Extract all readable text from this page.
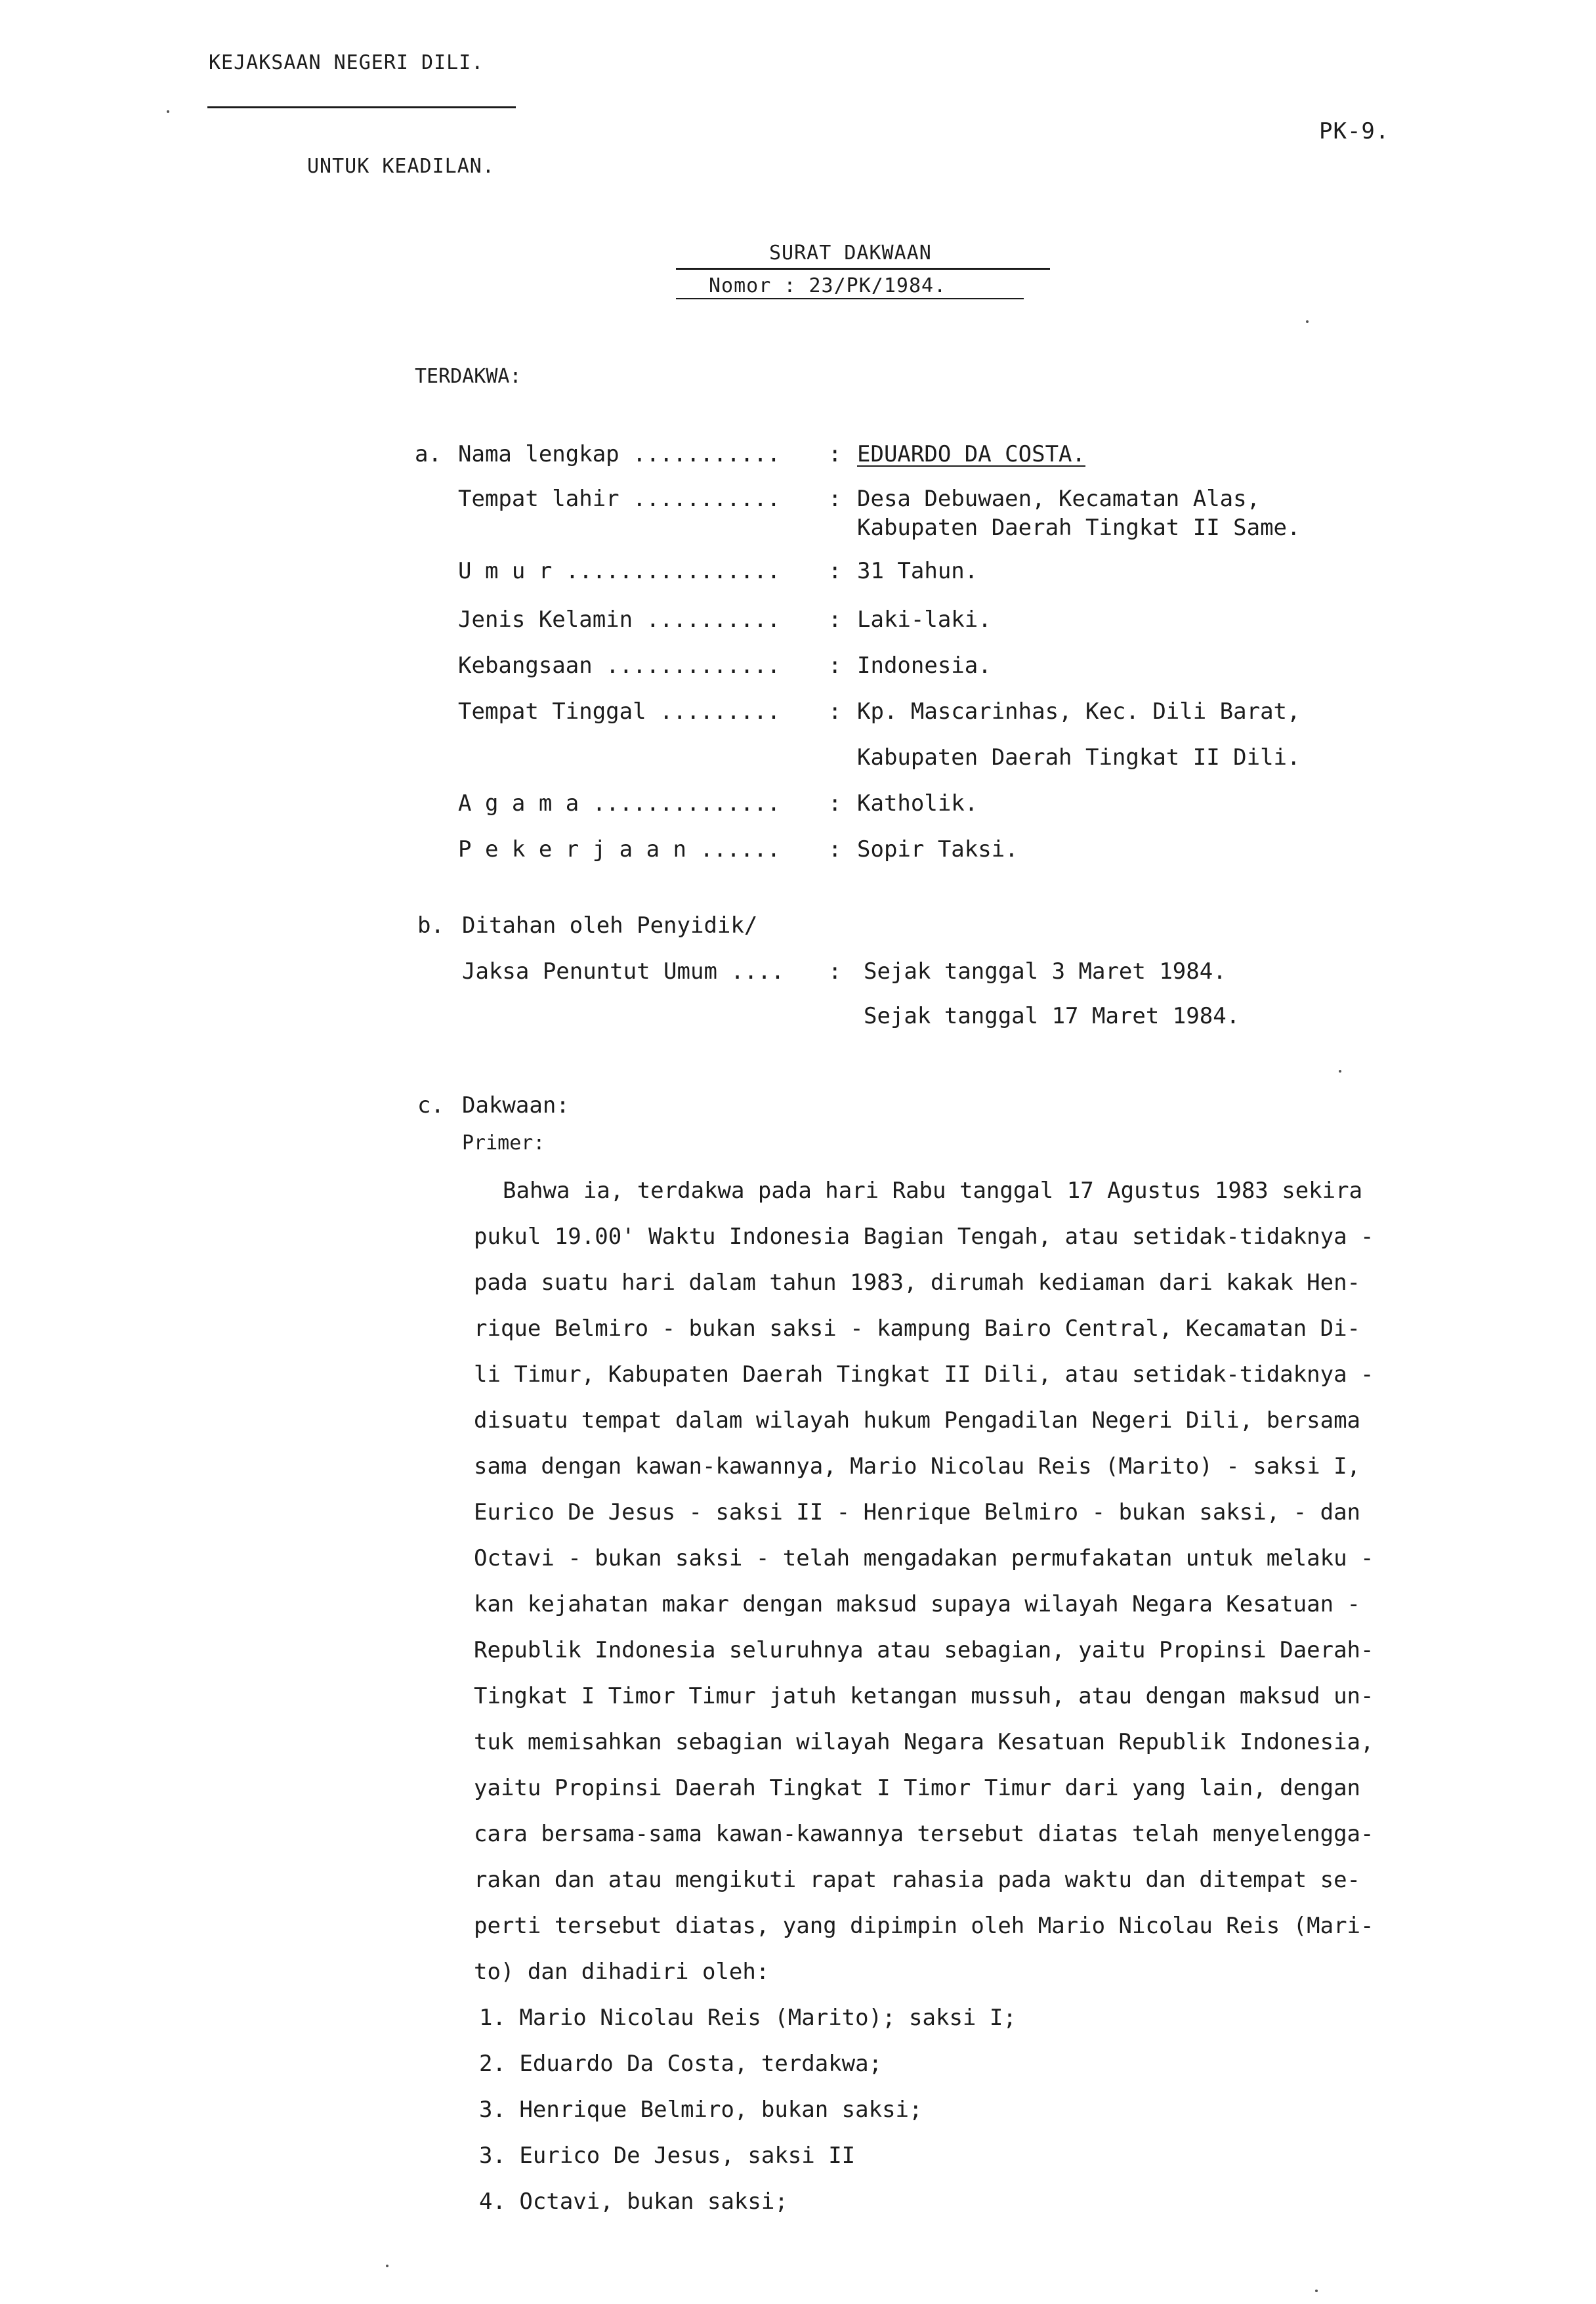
KEJAKSAAN NEGERI DILI.
PK-9.
UNTUK KEADILAN.
SURAT DAKWAAN
Nomor : 23/PK/1984.
TERDAKWA:
a. Nama lengkap ........... : EDUARDO DA COSTA.
Tempat lahir ........... : Desa Debuwaen, Kecamatan Alas,
Kabupaten Daerah Tingkat II Same.
U m u r ................ : 31 Tahun.
Jenis Kelamin .......... : Laki-laki.
Kebangsaan ............. : Indonesia.
Tempat Tinggal ......... : Kp. Mascarinhas, Kec. Dili Barat,
Kabupaten Daerah Tingkat II Dili.
A g a m a .............. : Katholik.
P e k e r j a a n ...... : Sopir Taksi.
b. Ditahan oleh Penyidik/
Jaksa Penuntut Umum .... : Sejak tanggal 3 Maret 1984.
Sejak tanggal 17 Maret 1984.
c. Dakwaan:
Primer:
Bahwa ia, terdakwa pada hari Rabu tanggal 17 Agustus 1983 sekira
pukul 19.00' Waktu Indonesia Bagian Tengah, atau setidak-tidaknya -
pada suatu hari dalam tahun 1983, dirumah kediaman dari kakak Hen-
rique Belmiro - bukan saksi - kampung Bairo Central, Kecamatan Di-
li Timur, Kabupaten Daerah Tingkat II Dili, atau setidak-tidaknya -
disuatu tempat dalam wilayah hukum Pengadilan Negeri Dili, bersama
sama dengan kawan-kawannya, Mario Nicolau Reis (Marito) - saksi I,
Eurico De Jesus - saksi II - Henrique Belmiro - bukan saksi, - dan
Octavi - bukan saksi - telah mengadakan permufakatan untuk melaku -
kan kejahatan makar dengan maksud supaya wilayah Negara Kesatuan -
Republik Indonesia seluruhnya atau sebagian, yaitu Propinsi Daerah-
Tingkat I Timor Timur jatuh ketangan mussuh, atau dengan maksud un-
tuk memisahkan sebagian wilayah Negara Kesatuan Republik Indonesia,
yaitu Propinsi Daerah Tingkat I Timor Timur dari yang lain, dengan
cara bersama-sama kawan-kawannya tersebut diatas telah menyelengga-
rakan dan atau mengikuti rapat rahasia pada waktu dan ditempat se-
perti tersebut diatas, yang dipimpin oleh Mario Nicolau Reis (Mari-
to) dan dihadiri oleh:
1. Mario Nicolau Reis (Marito); saksi I;
2. Eduardo Da Costa, terdakwa;
3. Henrique Belmiro, bukan saksi;
3. Eurico De Jesus, saksi II
4. Octavi, bukan saksi;
